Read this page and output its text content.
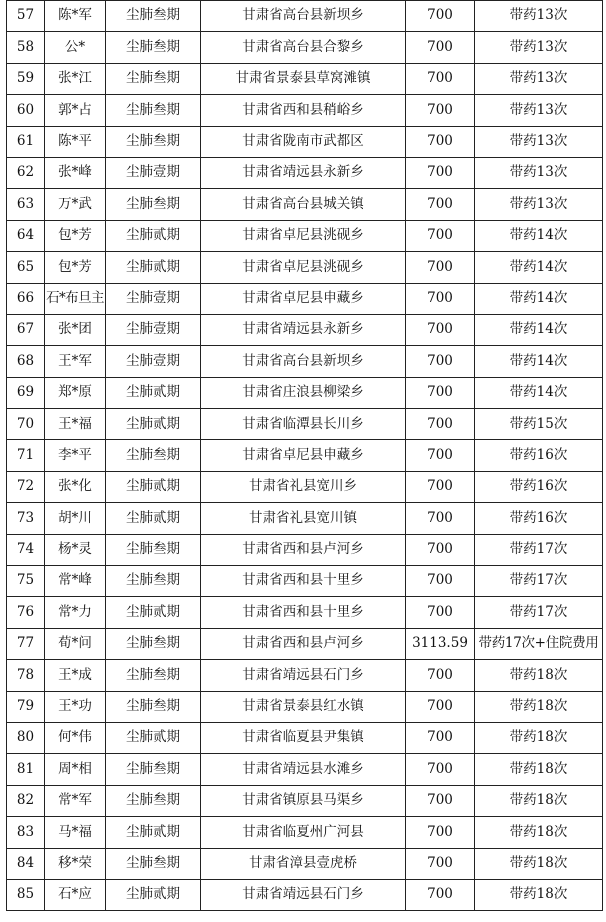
57	陈*军	尘肺叁期	甘肃省高台县新坝乡	700	带药13次
58	公*	尘肺叁期	甘肃省高台县合黎乡	700	带药13次
59	张*江	尘肺叁期	甘肃省景泰县草窝滩镇	700	带药13次
60	郭*占	尘肺叁期	甘肃省西和县稍峪乡	700	带药13次
61	陈*平	尘肺叁期	甘肃省陇南市武都区	700	带药13次
62	张*峰	尘肺壹期	甘肃省靖远县永新乡	700	带药13次
63	万*武	尘肺叁期	甘肃省高台县城关镇	700	带药13次
64	包*芳	尘肺贰期	甘肃省卓尼县洮砚乡	700	带药14次
65	包*芳	尘肺贰期	甘肃省卓尼县洮砚乡	700	带药14次
66	石*布旦主	尘肺壹期	甘肃省卓尼县申藏乡	700	带药14次
67	张*团	尘肺壹期	甘肃省靖远县永新乡	700	带药14次
68	王*军	尘肺壹期	甘肃省高台县新坝乡	700	带药14次
69	郑*原	尘肺贰期	甘肃省庄浪县柳梁乡	700	带药14次
70	王*福	尘肺贰期	甘肃省临潭县长川乡	700	带药15次
71	李*平	尘肺叁期	甘肃省卓尼县申藏乡	700	带药16次
72	张*化	尘肺贰期	甘肃省礼县宽川乡	700	带药16次
73	胡*川	尘肺贰期	甘肃省礼县宽川镇	700	带药16次
74	杨*灵	尘肺叁期	甘肃省西和县卢河乡	700	带药17次
75	常*峰	尘肺叁期	甘肃省西和县十里乡	700	带药17次
76	常*力	尘肺贰期	甘肃省西和县十里乡	700	带药17次
77	荀*问	尘肺叁期	甘肃省西和县卢河乡	3113.59	带药17次+住院费用
78	王*成	尘肺叁期	甘肃省靖远县石门乡	700	带药18次
79	王*功	尘肺叁期	甘肃省景泰县红水镇	700	带药18次
80	何*伟	尘肺贰期	甘肃省临夏县尹集镇	700	带药18次
81	周*相	尘肺叁期	甘肃省靖远县水滩乡	700	带药18次
82	常*军	尘肺叁期	甘肃省镇原县马渠乡	700	带药18次
83	马*福	尘肺贰期	甘肃省临夏州广河县	700	带药18次
84	移*荣	尘肺叁期	甘肃省漳县壹虎桥	700	带药18次
85	石*应	尘肺贰期	甘肃省靖远县石门乡	700	带药18次
